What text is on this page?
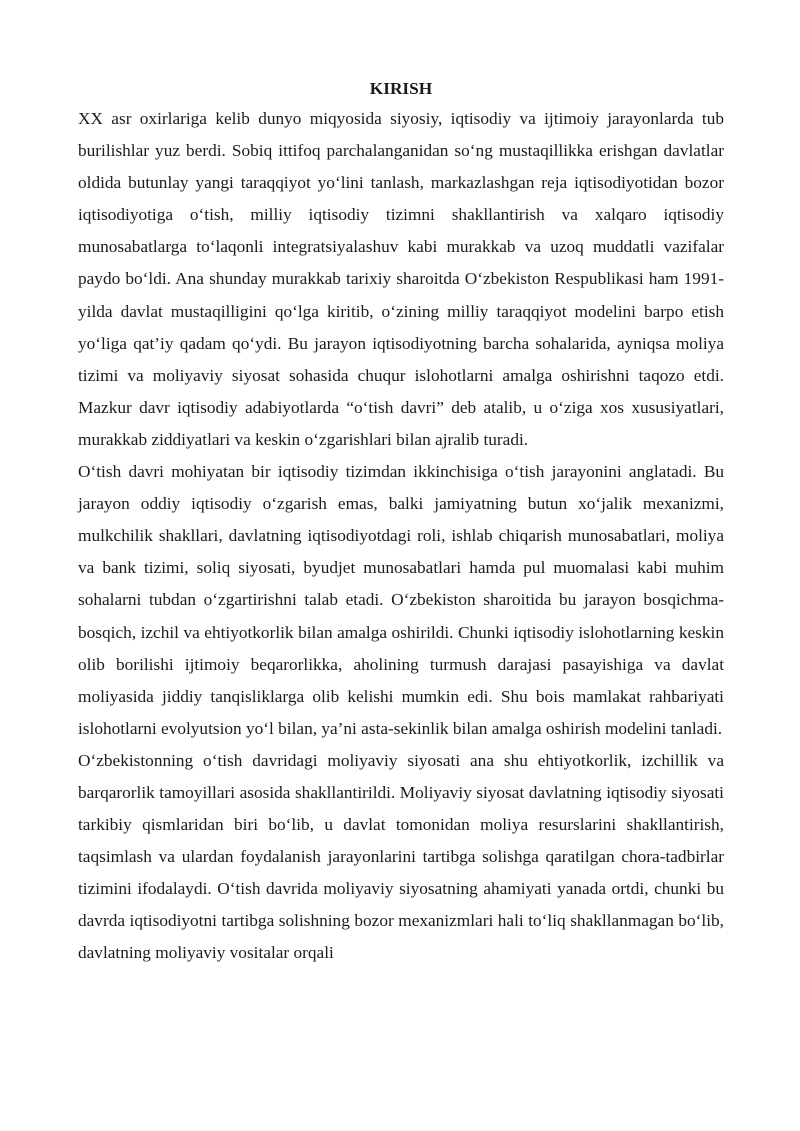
KIRISH

XX asr oxirlariga kelib dunyo miqyosida siyosiy, iqtisodiy va ijtimoiy jarayonlarda tub burilishlar yuz berdi. Sobiq ittifoq parchalanganidan so‘ng mustaqillikka erishgan davlatlar oldida butunlay yangi taraqqiyot yo‘lini tanlash, markazlashgan reja iqtisodiyotidan bozor iqtisodiyotiga o‘tish, milliy iqtisodiy tizimni shakllantirish va xalqaro iqtisodiy munosabatlarga to‘laqonli integratsiyalashuv kabi murakkab va uzoq muddatli vazifalar paydo bo‘ldi. Ana shunday murakkab tarixiy sharoitda O‘zbekiston Respublikasi ham 1991-yilda davlat mustaqilligini qo‘lga kiritib, o‘zining milliy taraqqiyot modelini barpo etish yo‘liga qat’iy qadam qo‘ydi. Bu jarayon iqtisodiyotning barcha sohalarida, ayniqsa moliya tizimi va moliyaviy siyosat sohasida chuqur islohotlarni amalga oshirishni taqozo etdi. Mazkur davr iqtisodiy adabiyotlarda “o‘tish davri” deb atalib, u o‘ziga xos xususiyatlari, murakkab ziddiyatlari va keskin o‘zgarishlari bilan ajralib turadi.

O‘tish davri mohiyatan bir iqtisodiy tizimdan ikkinchisiga o‘tish jarayonini anglatadi. Bu jarayon oddiy iqtisodiy o‘zgarish emas, balki jamiyatning butun xo‘jalik mexanizmi, mulkchilik shakllari, davlatning iqtisodiyotdagi roli, ishlab chiqarish munosabatlari, moliya va bank tizimi, soliq siyosati, byudjet munosabatlari hamda pul muomalasi kabi muhim sohalarni tubdan o‘zgartirishni talab etadi. O‘zbekiston sharoitida bu jarayon bosqichma-bosqich, izchil va ehtiyotkorlik bilan amalga oshirildi. Chunki iqtisodiy islohotlarning keskin olib borilishi ijtimoiy beqarorlikka, aholining turmush darajasi pasayishiga va davlat moliyasida jiddiy tanqisliklarga olib kelishi mumkin edi. Shu bois mamlakat rahbariyati islohotlarni evolyutsion yo‘l bilan, ya’ni asta-sekinlik bilan amalga oshirish modelini tanladi.

O‘zbekistonning o‘tish davridagi moliyaviy siyosati ana shu ehtiyotkorlik, izchillik va barqarorlik tamoyillari asosida shakllantirildi. Moliyaviy siyosat davlatning iqtisodiy siyosati tarkibiy qismlaridan biri bo‘lib, u davlat tomonidan moliya resurslarini shakllantirish, taqsimlash va ulardan foydalanish jarayonlarini tartibga solishga qaratilgan chora-tadbirlar tizimini ifodalaydi. O‘tish davrida moliyaviy siyosatning ahamiyati yanada ortdi, chunki bu davrda iqtisodiyotni tartibga solishning bozor mexanizmlari hali to‘liq shakllanmagan bo‘lib, davlatning moliyaviy vositalar orqali
